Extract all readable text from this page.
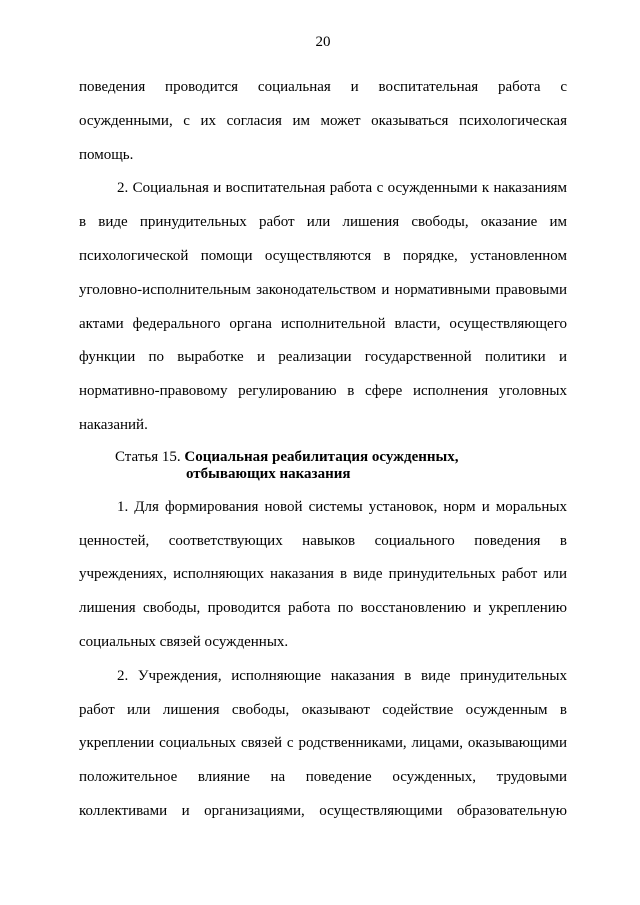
20

поведения проводится социальная и воспитательная работа с осужденными, с их согласия им может оказываться психологическая помощь.

2. Социальная и воспитательная работа с осужденными к наказаниям в виде принудительных работ или лишения свободы, оказание им психологической помощи осуществляются в порядке, установленном уголовно-исполнительным законодательством и нормативными правовыми актами федерального органа исполнительной власти, осуществляющего функции по выработке и реализации государственной политики и нормативно-правовому регулированию в сфере исполнения уголовных наказаний.

Статья 15. Социальная реабилитация осужденных,
отбывающих наказания

1. Для формирования новой системы установок, норм и моральных ценностей, соответствующих навыков социального поведения в учреждениях, исполняющих наказания в виде принудительных работ или лишения свободы, проводится работа по восстановлению и укреплению социальных связей осужденных.

2. Учреждения, исполняющие наказания в виде принудительных работ или лишения свободы, оказывают содействие осужденным в укреплении социальных связей с родственниками, лицами, оказывающими положительное влияние на поведение осужденных, трудовыми коллективами и организациями, осуществляющими образовательную
